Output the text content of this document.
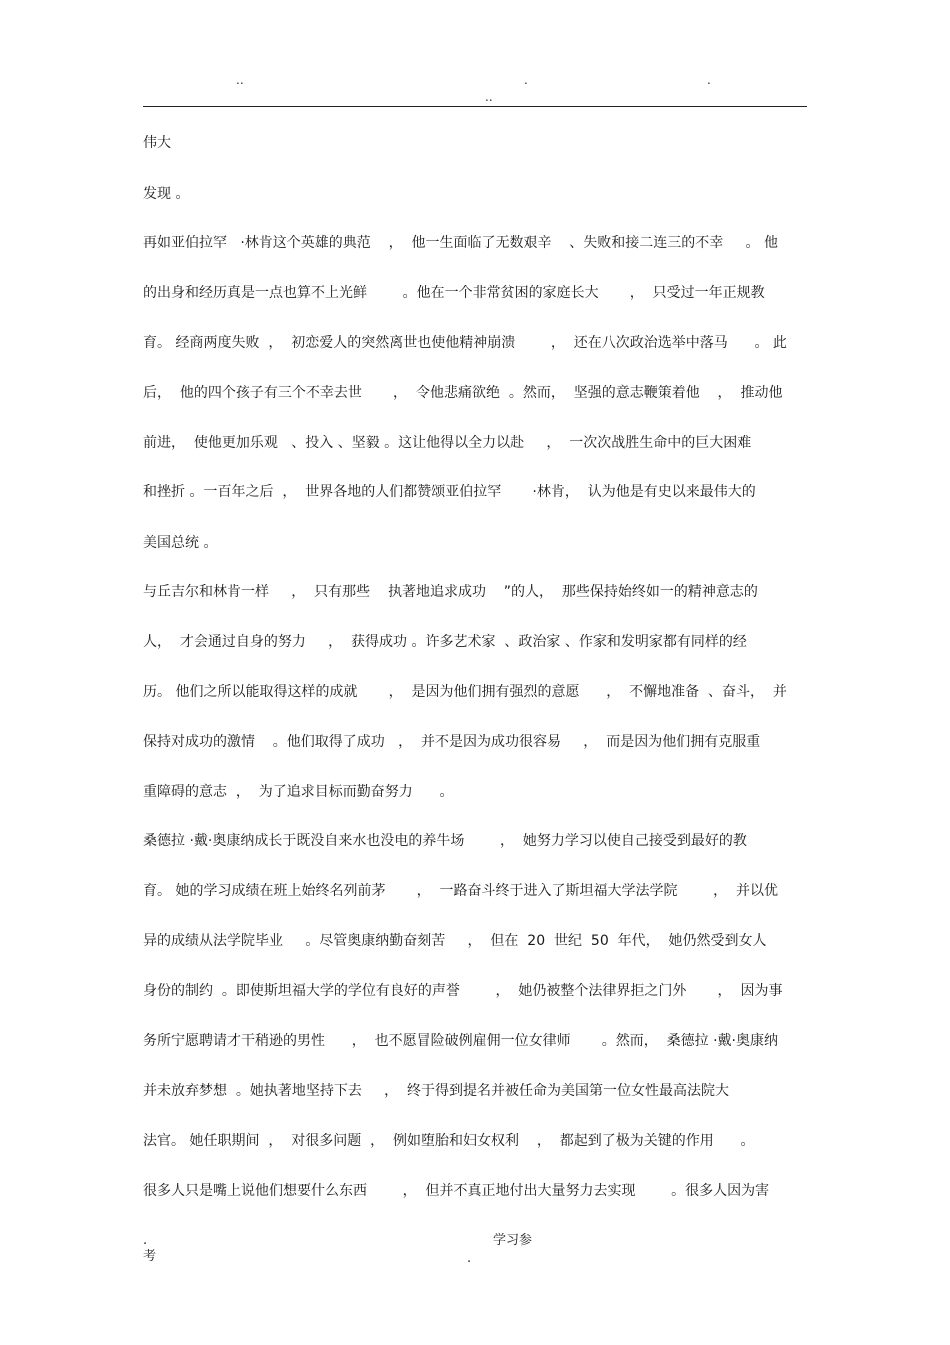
..	.	.
..
伟大
发现 。
再如亚伯拉罕   ·林肯这个英雄的典范    ，  他一生面临了无数艰辛    、失败和接二连三的不幸     。 他
的出身和经历真是一点也算不上光鲜        。他在一个非常贫困的家庭长大       ，  只受过一年正规教
育。 经商两度失败  ，  初恋爱人的突然离世也使他精神崩溃        ，  还在八次政治选举中落马      。 此
后，  他的四个孩子有三个不幸去世       ，  令他悲痛欲绝  。然而，  坚强的意志鞭策着他    ，  推动他
前进，  使他更加乐观   、投入 、坚毅 。这让他得以全力以赴     ，  一次次战胜生命中的巨大困难
和挫折 。一百年之后  ，  世界各地的人们都赞颂亚伯拉罕       ·林肯，  认为他是有史以来最伟大的
美国总统 。
与丘吉尔和林肯一样     ，  只有那些    执著地追求成功    ”的人，  那些保持始终如一的精神意志的
人，  才会通过自身的努力     ，  获得成功 。许多艺术家  、政治家 、作家和发明家都有同样的经
历。 他们之所以能取得这样的成就       ，  是因为他们拥有强烈的意愿      ，  不懈地准备  、奋斗，  并
保持对成功的激情    。他们取得了成功   ，  并不是因为成功很容易     ，  而是因为他们拥有克服重
重障碍的意志  ，  为了追求目标而勤奋努力      。
桑德拉 ·戴·奥康纳成长于既没自来水也没电的养牛场        ，  她努力学习以使自己接受到最好的教
育。 她的学习成绩在班上始终名列前茅       ，  一路奋斗终于进入了斯坦福大学法学院        ，  并以优
异的成绩从法学院毕业     。尽管奥康纳勤奋刻苦     ，  但在  20  世纪  50  年代，  她仍然受到女人
身份的制约  。即使斯坦福大学的学位有良好的声誉        ，  她仍被整个法律界拒之门外       ，  因为事
务所宁愿聘请才干稍逊的男性      ，  也不愿冒险破例雇佣一位女律师       。然而，  桑德拉 ·戴·奥康纳
并未放弃梦想  。她执著地坚持下去     ，  终于得到提名并被任命为美国第一位女性最高法院大
法官。 她任职期间  ，  对很多问题  ，  例如堕胎和妇女权利    ，  都起到了极为关键的作用      。
很多人只是嘴上说他们想要什么东西        ，  但并不真正地付出大量努力去实现        。很多人因为害
.
考
学习参
.
